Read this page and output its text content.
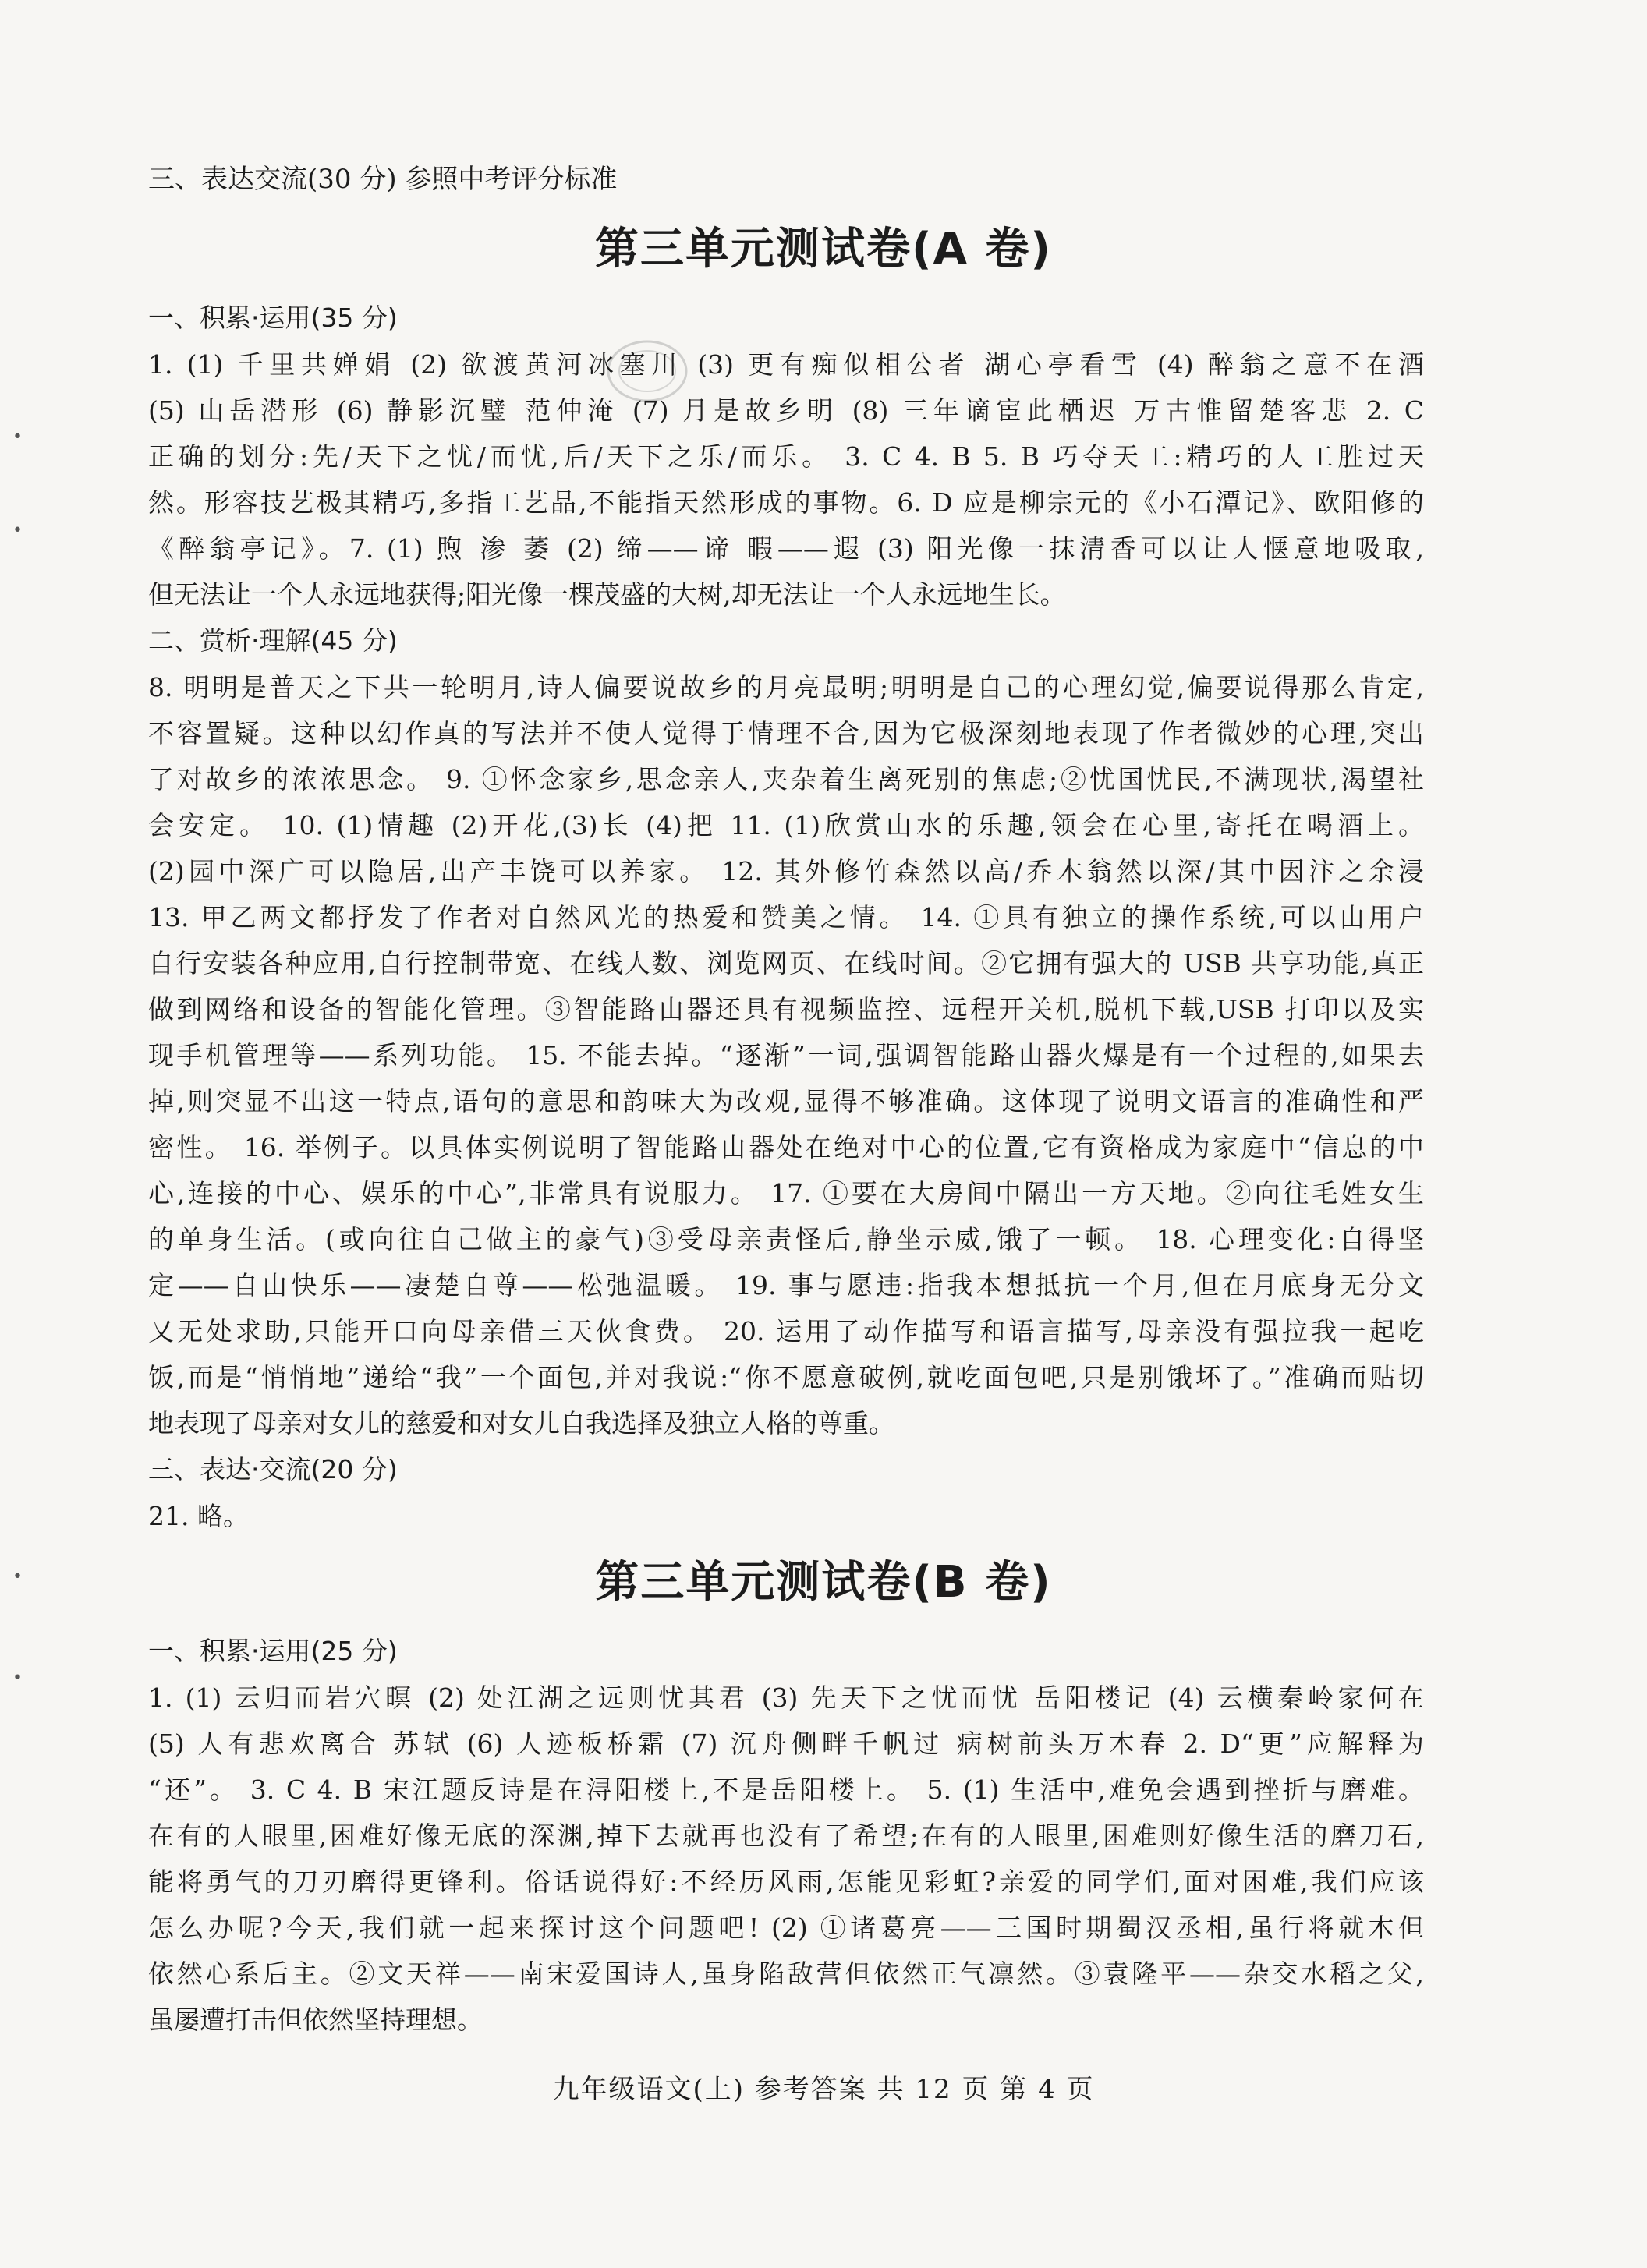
三、表达交流(30 分) 参照中考评分标准
第三单元测试卷(A 卷)
一、积累·运用(35 分)
1. (1) 千里共婵娟 (2) 欲渡黄河冰塞川 (3) 更有痴似相公者 湖心亭看雪 (4) 醉翁之意不在酒
(5) 山岳潜形 (6) 静影沉璧 范仲淹 (7) 月是故乡明 (8) 三年谪宦此栖迟 万古惟留楚客悲 2. C
正确的划分:先/天下之忧/而忧,后/天下之乐/而乐。 3. C 4. B 5. B 巧夺天工:精巧的人工胜过天
然。形容技艺极其精巧,多指工艺品,不能指天然形成的事物。6. D 应是柳宗元的《小石潭记》、欧阳修的
《醉翁亭记》。7. (1) 煦 渗 萎 (2) 缔——谛 暇——遐 (3) 阳光像一抹清香可以让人惬意地吸取,
但无法让一个人永远地获得;阳光像一棵茂盛的大树,却无法让一个人永远地生长。
二、赏析·理解(45 分)
8. 明明是普天之下共一轮明月,诗人偏要说故乡的月亮最明;明明是自己的心理幻觉,偏要说得那么肯定,
不容置疑。这种以幻作真的写法并不使人觉得于情理不合,因为它极深刻地表现了作者微妙的心理,突出
了对故乡的浓浓思念。 9. ①怀念家乡,思念亲人,夹杂着生离死别的焦虑;②忧国忧民,不满现状,渴望社
会安定。 10. (1)情趣 (2)开花,(3)长 (4)把 11. (1)欣赏山水的乐趣,领会在心里,寄托在喝酒上。
(2)园中深广可以隐居,出产丰饶可以养家。 12. 其外修竹森然以高/乔木翁然以深/其中因汴之余浸
13. 甲乙两文都抒发了作者对自然风光的热爱和赞美之情。 14. ①具有独立的操作系统,可以由用户
自行安装各种应用,自行控制带宽、在线人数、浏览网页、在线时间。②它拥有强大的 USB 共享功能,真正
做到网络和设备的智能化管理。③智能路由器还具有视频监控、远程开关机,脱机下载,USB 打印以及实
现手机管理等——系列功能。 15. 不能去掉。“逐渐”一词,强调智能路由器火爆是有一个过程的,如果去
掉,则突显不出这一特点,语句的意思和韵味大为改观,显得不够准确。这体现了说明文语言的准确性和严
密性。 16. 举例子。以具体实例说明了智能路由器处在绝对中心的位置,它有资格成为家庭中“信息的中
心,连接的中心、娱乐的中心”,非常具有说服力。 17. ①要在大房间中隔出一方天地。②向往毛姓女生
的单身生活。(或向往自己做主的豪气)③受母亲责怪后,静坐示威,饿了一顿。 18. 心理变化:自得坚
定——自由快乐——凄楚自尊——松弛温暖。 19. 事与愿违:指我本想抵抗一个月,但在月底身无分文
又无处求助,只能开口向母亲借三天伙食费。 20. 运用了动作描写和语言描写,母亲没有强拉我一起吃
饭,而是“悄悄地”递给“我”一个面包,并对我说:“你不愿意破例,就吃面包吧,只是别饿坏了。”准确而贴切
地表现了母亲对女儿的慈爱和对女儿自我选择及独立人格的尊重。
三、表达·交流(20 分)
21. 略。
第三单元测试卷(B 卷)
一、积累·运用(25 分)
1. (1) 云归而岩穴暝 (2) 处江湖之远则忧其君 (3) 先天下之忧而忧 岳阳楼记 (4) 云横秦岭家何在
(5) 人有悲欢离合 苏轼 (6) 人迹板桥霜 (7) 沉舟侧畔千帆过 病树前头万木春 2. D“更”应解释为
“还”。 3. C 4. B 宋江题反诗是在浔阳楼上,不是岳阳楼上。 5. (1) 生活中,难免会遇到挫折与磨难。
在有的人眼里,困难好像无底的深渊,掉下去就再也没有了希望;在有的人眼里,困难则好像生活的磨刀石,
能将勇气的刀刃磨得更锋利。俗话说得好:不经历风雨,怎能见彩虹?亲爱的同学们,面对困难,我们应该
怎么办呢?今天,我们就一起来探讨这个问题吧! (2) ①诸葛亮——三国时期蜀汉丞相,虽行将就木但
依然心系后主。②文天祥——南宋爱国诗人,虽身陷敌营但依然正气凛然。③袁隆平——杂交水稻之父,
虽屡遭打击但依然坚持理想。
九年级语文(上) 参考答案 共 12 页 第 4 页
•
•
•
•
